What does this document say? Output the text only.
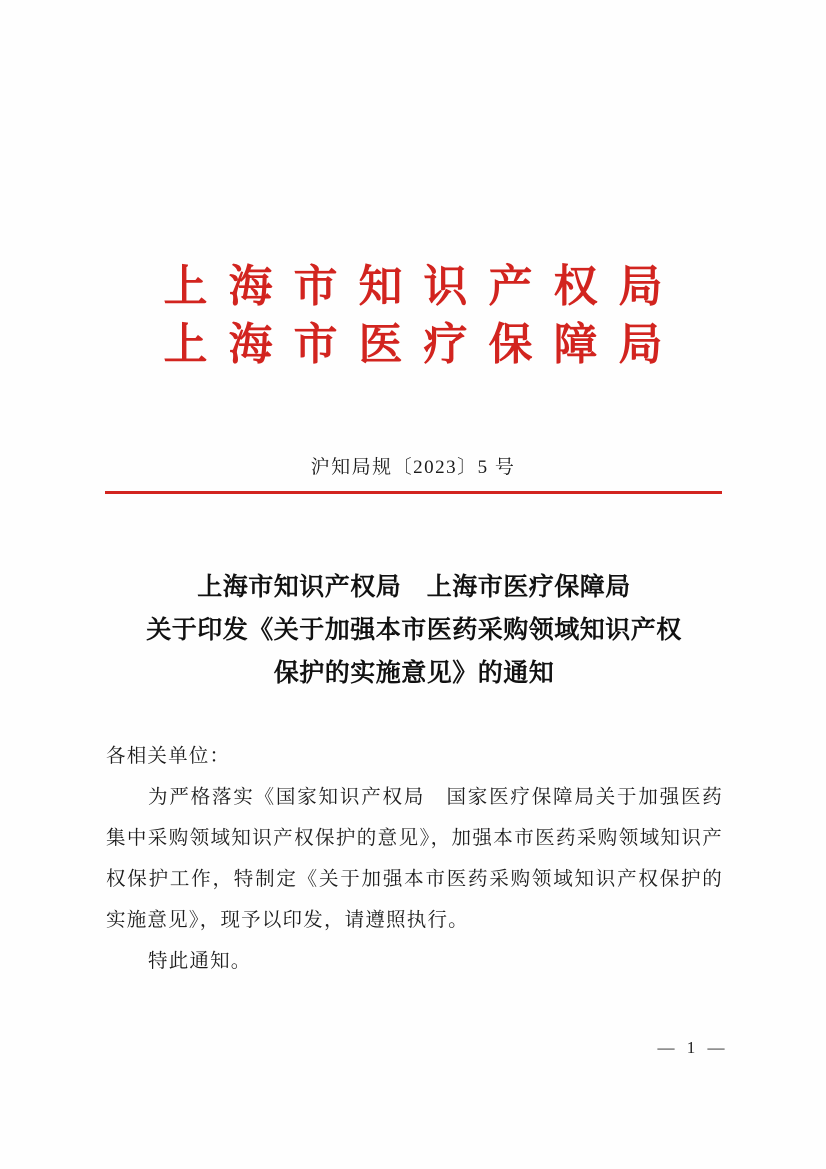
上海市知识产权局
上海市医疗保障局
沪知局规〔2023〕5 号
上海市知识产权局　上海市医疗保障局
关于印发《关于加强本市医药采购领域知识产权
保护的实施意见》的通知

各相关单位：

为严格落实《国家知识产权局　国家医疗保障局关于加强医药集中采购领域知识产权保护的意见》，加强本市医药采购领域知识产权保护工作，特制定《关于加强本市医药采购领域知识产权保护的实施意见》，现予以印发，请遵照执行。

特此通知。

— 1 —
